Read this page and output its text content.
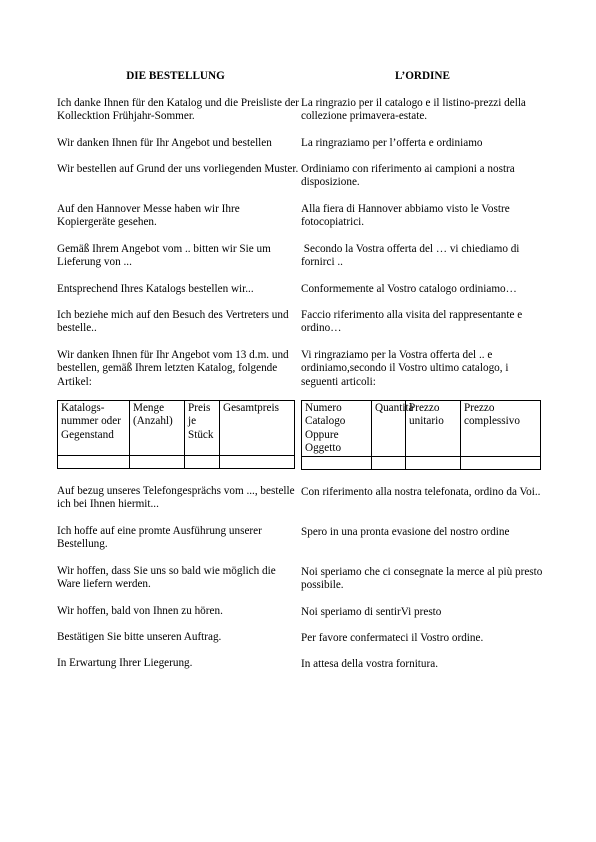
DIE BESTELLUNG

Ich danke Ihnen für den Katalog und die Preisliste der Kollecktion Frühjahr-Sommer.

Wir danken Ihnen für Ihr Angebot und bestellen

Wir bestellen auf Grund der uns vorliegenden Muster.

Auf den Hannover Messe haben wir Ihre Kopiergeräte gesehen.

Gemäß Ihrem Angebot vom .. bitten wir Sie um Lieferung von ...

Entsprechend Ihres Katalogs bestellen wir...

Ich beziehe mich auf den Besuch des Vertreters und bestelle..

Wir danken Ihnen für Ihr Angebot vom 13 d.m. und bestellen, gemäß Ihrem letzten Katalog, folgende Artikel:

Katalogs-nummer oder Gegenstand	Menge (Anzahl)	Preis je Stück	Gesamtpreis

Auf bezug unseres Telefongesprächs vom ..., bestelle ich bei Ihnen hiermit...

Ich hoffe auf eine promte Ausführung unserer Bestellung.

Wir hoffen, dass Sie uns so bald wie möglich die Ware liefern werden.

Wir hoffen, bald von Ihnen zu hören.

Bestätigen Sie bitte unseren Auftrag.

In Erwartung Ihrer Liegerung.

L’ORDINE

La ringrazio per il catalogo e il listino-prezzi della collezione primavera-estate.

La ringraziamo per l’offerta e ordiniamo

Ordiniamo con riferimento ai campioni a nostra disposizione.

Alla fiera di Hannover abbiamo visto le Vostre fotocopiatrici.

Secondo la Vostra offerta del … vi chiediamo di fornirci ..

Conformemente al Vostro catalogo ordiniamo…

Faccio riferimento alla visita del rappresentante e ordino…

Vi ringraziamo per la Vostra offerta del .. e ordiniamo,secondo il Vostro ultimo catalogo, i seguenti articoli:

Numero Catalogo Oppure Oggetto	Quantità	Prezzo unitario	Prezzo complessivo

Con riferimento alla nostra telefonata, ordino da Voi..

Spero in una pronta evasione del nostro ordine

Noi speriamo che ci consegnate la merce al più presto possibile.

Noi speriamo di sentirVi presto

Per favore confermateci il Vostro ordine.

In attesa della vostra fornitura.
